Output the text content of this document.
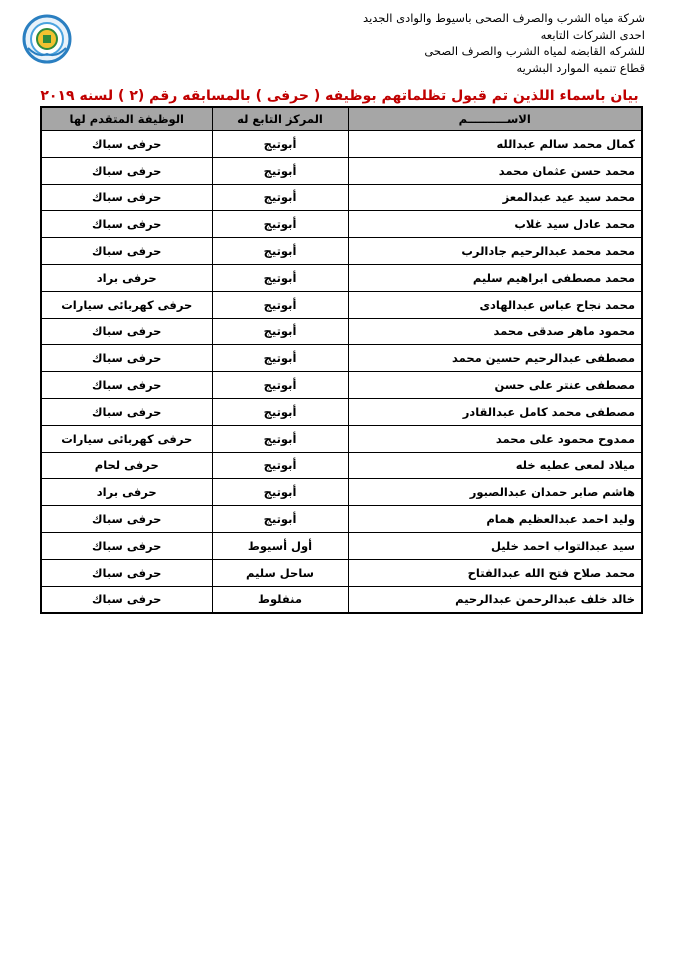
شركة مياه الشرب والصرف الصحى باسيوط والوادى الجديد
احدى الشركات التابعه
للشركه القابضه لمياه الشرب والصرف الصحى
قطاع تنميه الموارد البشريه
بيان باسماء اللذين تم قبول تظلماتهم بوظيفه ( حرفى ) بالمسابقه رقم (٢ ) لسنه ٢٠١٩
الاســــــــــم	المركز التابع له	الوظيفة المتقدم لها
كمال محمد سالم عبدالله	أبوتيج	حرفى سباك
محمد حسن عثمان محمد	أبوتيج	حرفى سباك
محمد سيد عيد عبدالمعز	أبوتيج	حرفى سباك
محمد عادل سيد غلاب	أبوتيج	حرفى سباك
محمد محمد عبدالرحيم جادالرب	أبوتيج	حرفى سباك
محمد مصطفى ابراهيم سليم	أبوتيج	حرفى براد
محمد نجاح عباس عبدالهادى	أبوتيج	حرفى كهربائى سيارات
محمود ماهر صدقى محمد	أبوتيج	حرفى سباك
مصطفى عبدالرحيم حسين محمد	أبوتيج	حرفى سباك
مصطفى عنتر على حسن	أبوتيج	حرفى سباك
مصطفى محمد كامل عبدالقادر	أبوتيج	حرفى سباك
ممدوح محمود على محمد	أبوتيج	حرفى كهربائى سيارات
ميلاد لمعى عطيه خله	أبوتيج	حرفى لحام
هاشم صابر حمدان عبدالصبور	أبوتيج	حرفى براد
وليد احمد عبدالعظيم همام	أبوتيج	حرفى سباك
سيد عبدالتواب احمد خليل	أول أسيوط	حرفى سباك
محمد صلاح فتح الله عبدالفتاح	ساحل سليم	حرفى سباك
خالد خلف عبدالرحمن عبدالرحيم	منفلوط	حرفى سباك
